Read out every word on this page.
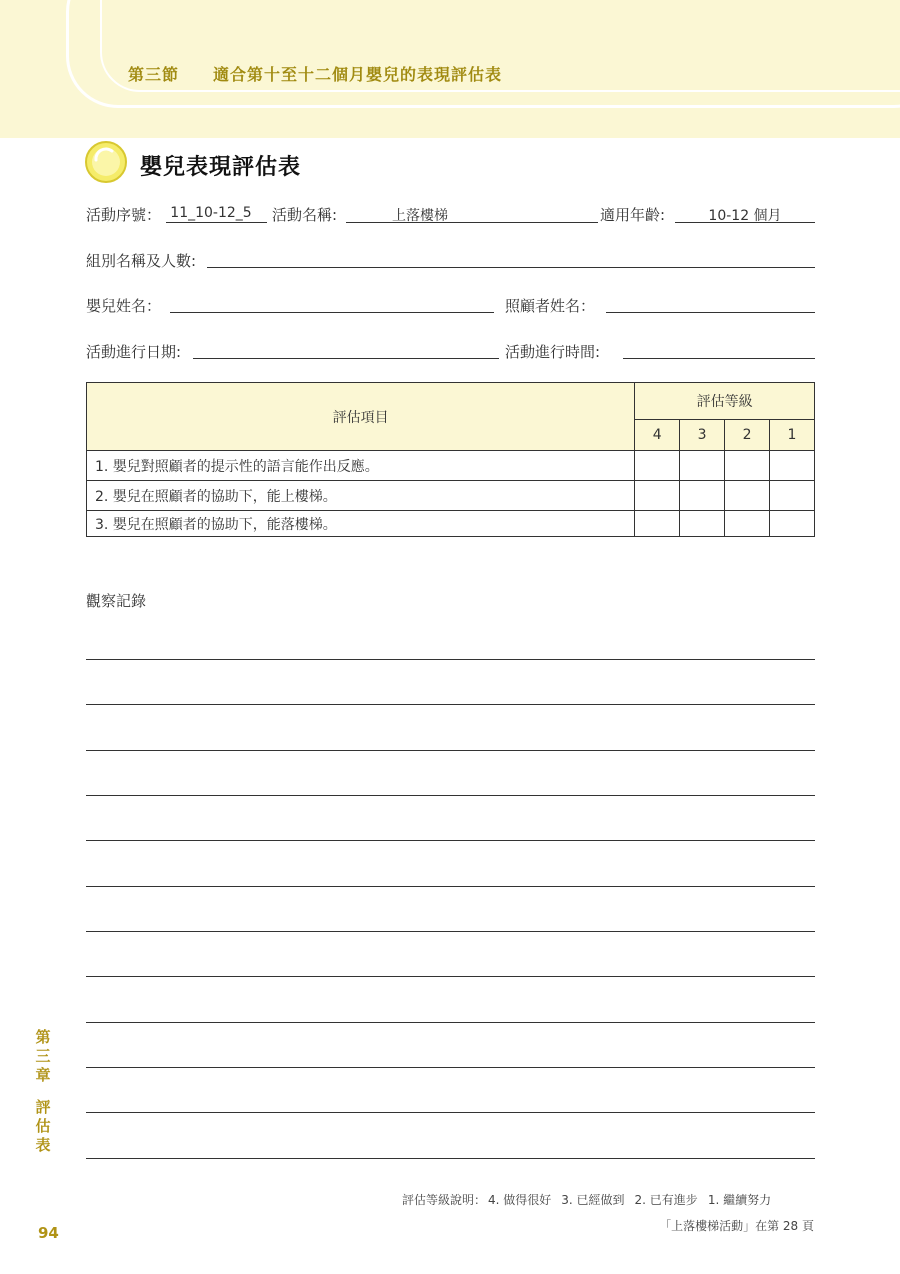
第三節 適合第十至十二個月嬰兒的表現評估表
嬰兒表現評估表
活動序號： 11_10-12_5 活動名稱:	上落樓梯	適用年齡:	10-12 個月
組別名稱及人數:
嬰兒姓名：	照顧者姓名：
活動進行日期:	活動進行時間:
評估項目	評估等級			
	4	3	2	1
1. 嬰兒對照顧者的提示性的語言能作出反應。				
2. 嬰兒在照顧者的協助下，能上樓梯。				
3. 嬰兒在照顧者的協助下，能落樓梯。				
觀察記錄
第三章
評估表
94
評估等級說明： 4. 做得很好 3. 已經做到 2. 已有進步 1. 繼續努力
「上落樓梯活動」在第 28 頁
